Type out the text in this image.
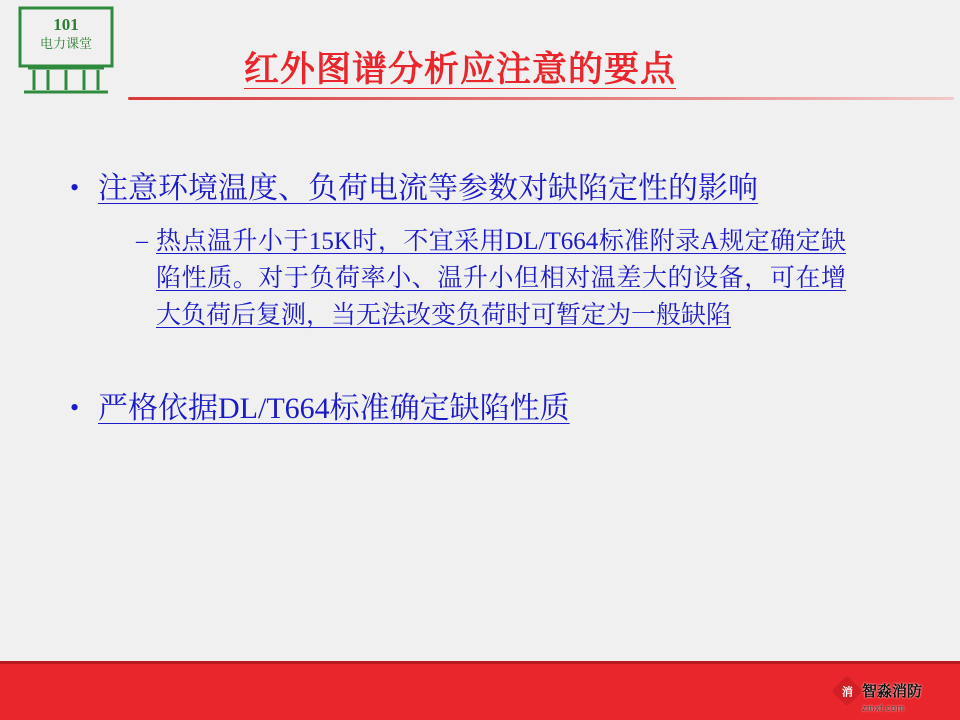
101
电力课堂
红外图谱分析应注意的要点
• 注意环境温度、负荷电流等参数对缺陷定性的影响
– 热点温升小于15K时，不宜采用DL/T664标准附录A规定确定缺陷性质。对于负荷率小、温升小但相对温差大的设备，可在增大负荷后复测，当无法改变负荷时可暂定为一般缺陷
• 严格依据DL/T664标准确定缺陷性质
消 智淼消防
zmxf.com
